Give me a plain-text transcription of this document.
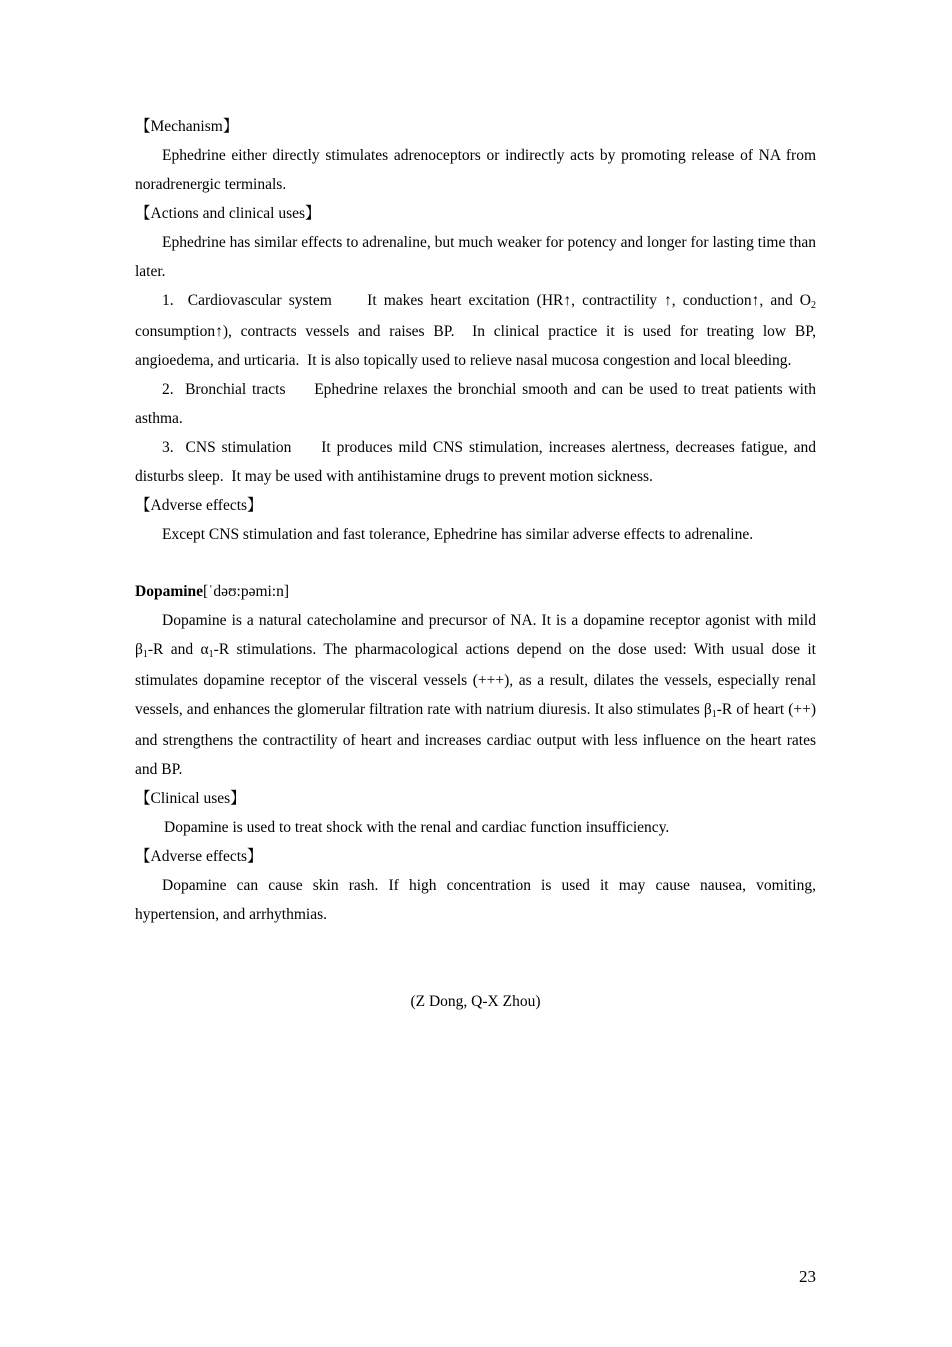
【Mechanism】

Ephedrine either directly stimulates adrenoceptors or indirectly acts by promoting release of NA from noradrenergic terminals.

【Actions and clinical uses】

Ephedrine has similar effects to adrenaline, but much weaker for potency and longer for lasting time than later.

1.  Cardiovascular system     It makes heart excitation (HR↑, contractility ↑, conduction↑, and $O_2$ consumption↑), contracts vessels and raises BP.  In clinical practice it is used for treating low BP, angioedema, and urticaria.  It is also topically used to relieve nasal mucosa congestion and local bleeding.

2.  Bronchial tracts     Ephedrine relaxes the bronchial smooth and can be used to treat patients with asthma.

3.  CNS stimulation     It produces mild CNS stimulation, increases alertness, decreases fatigue, and disturbs sleep.  It may be used with antihistamine drugs to prevent motion sickness.

【Adverse effects】

Except CNS stimulation and fast tolerance, Ephedrine has similar adverse effects to adrenaline.

Dopamine[ˈdəʊ:pəmi:n]

Dopamine is a natural catecholamine and precursor of NA. It is a dopamine receptor agonist with mild $\beta_1-R$ and $\alpha_1-R$ stimulations. The pharmacological actions depend on the dose used: With usual dose it stimulates dopamine receptor of the visceral vessels (+++), as a result, dilates the vessels, especially renal vessels, and enhances the glomerular filtration rate with natrium diuresis. It also stimulates $\beta_1-R$ of heart (++) and strengthens the contractility of heart and increases cardiac output with less influence on the heart rates and BP.

【Clinical uses】

Dopamine is used to treat shock with the renal and cardiac function insufficiency.

【Adverse effects】

Dopamine can cause skin rash. If high concentration is used it may cause nausea, vomiting, hypertension, and arrhythmias.

(Z Dong, Q-X Zhou)

23
